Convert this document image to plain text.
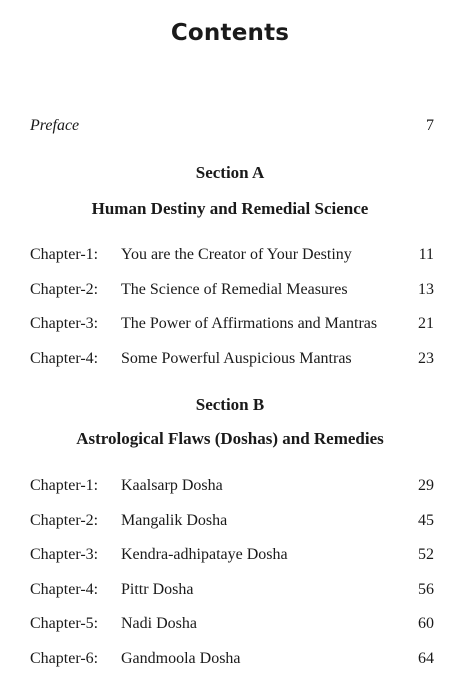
Contents
Preface	7
Section A
Human Destiny and Remedial Science
Chapter-1: You are the Creator of Your Destiny	11
Chapter-2: The Science of Remedial Measures	13
Chapter-3: The Power of Affirmations and Mantras	21
Chapter-4: Some Powerful Auspicious Mantras	23
Section B
Astrological Flaws (Doshas) and Remedies
Chapter-1: Kaalsarp Dosha	29
Chapter-2: Mangalik Dosha	45
Chapter-3: Kendra-adhipataye Dosha	52
Chapter-4: Pittr Dosha	56
Chapter-5: Nadi Dosha	60
Chapter-6: Gandmoola Dosha	64
